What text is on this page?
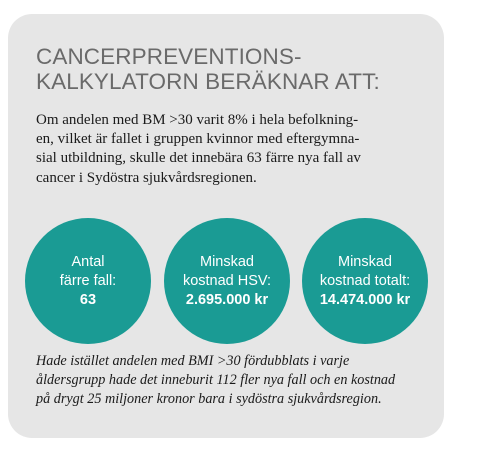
CANCERPREVENTIONS-
KALKYLATORN BERÄKNAR ATT:

Om andelen med BM >30 varit 8% i hela befolkning-
en, vilket är fallet i gruppen kvinnor med eftergymna-
sial utbildning, skulle det innebära 63 färre nya fall av
cancer i Sydöstra sjukvårdsregionen.

Antal
färre fall:
63
Minskad
kostnad HSV:
2.695.000 kr
Minskad
kostnad totalt:
14.474.000 kr

Hade istället andelen med BMI >30 fördubblats i varje
åldersgrupp hade det inneburit 112 fler nya fall och en kostnad
på drygt 25 miljoner kronor bara i sydöstra sjukvårdsregion.
